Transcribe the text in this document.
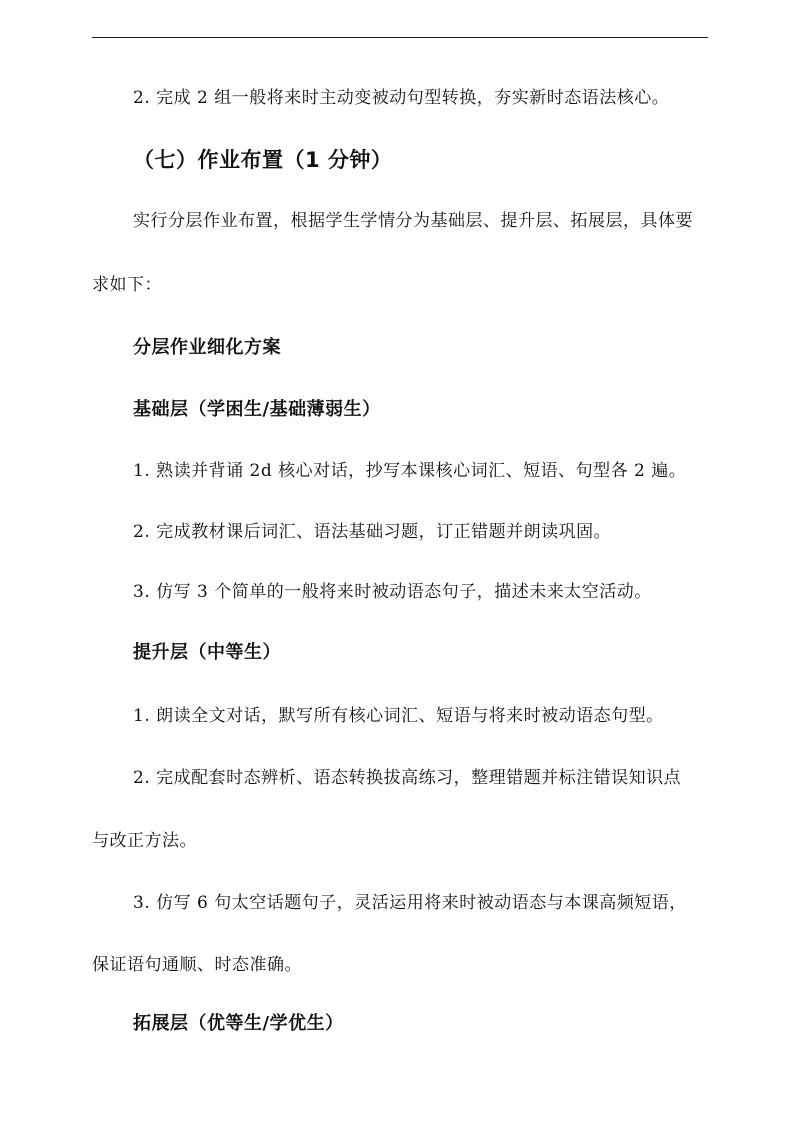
2. 完成 2 组一般将来时主动变被动句型转换，夯实新时态语法核心。
（七）作业布置（1 分钟）
实行分层作业布置，根据学生学情分为基础层、提升层、拓展层，具体要
求如下：
分层作业细化方案
基础层（学困生/基础薄弱生）
1. 熟读并背诵 2d 核心对话，抄写本课核心词汇、短语、句型各 2 遍。
2. 完成教材课后词汇、语法基础习题，订正错题并朗读巩固。
3. 仿写 3 个简单的一般将来时被动语态句子，描述未来太空活动。
提升层（中等生）
1. 朗读全文对话，默写所有核心词汇、短语与将来时被动语态句型。
2. 完成配套时态辨析、语态转换拔高练习，整理错题并标注错误知识点
与改正方法。
3. 仿写 6 句太空话题句子，灵活运用将来时被动语态与本课高频短语，
保证语句通顺、时态准确。
拓展层（优等生/学优生）
